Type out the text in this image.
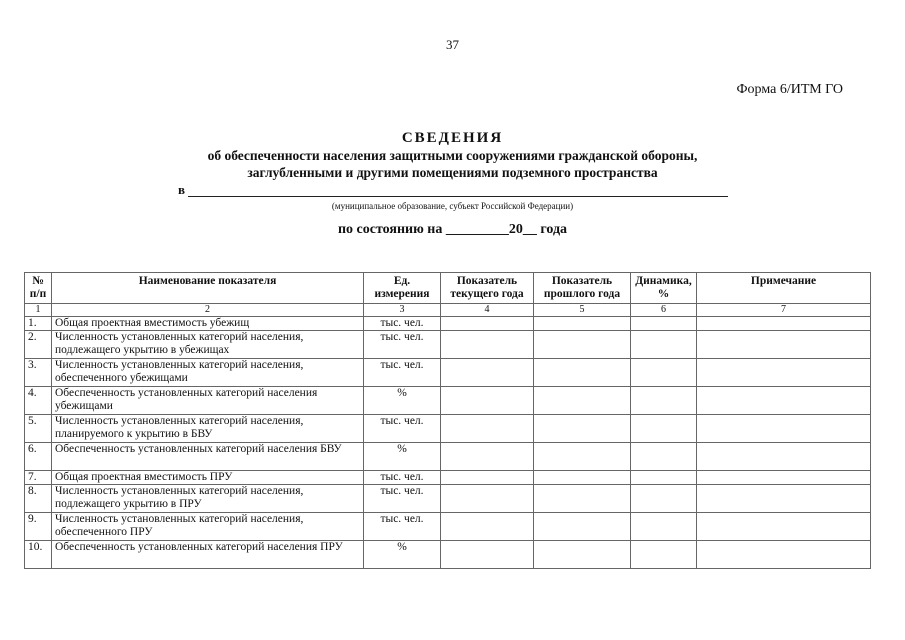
37
Форма 6/ИТМ ГО
СВЕДЕНИЯ
об обеспеченности населения защитными сооружениями гражданской обороны,
заглубленными и другими помещениями подземного пространства
в
(муниципальное образование, субъект Российской Федерации)
по состоянию на _________20__ года
№ п/п	Наименование показателя	Ед. измерения	Показатель текущего года	Показатель прошлого года	Динамика, %	Примечание
1	2	3	4	5	6	7
1.	Общая проектная вместимость убежищ	тыс. чел.				
2.	Численность установленных категорий населения, подлежащего укрытию в убежищах	тыс. чел.				
3.	Численность установленных категорий населения, обеспеченного убежищами	тыс. чел.				
4.	Обеспеченность установленных категорий населения убежищами	%				
5.	Численность установленных категорий населения, планируемого к укрытию в БВУ	тыс. чел.				
6.	Обеспеченность установленных категорий населения БВУ	%				
7.	Общая проектная вместимость ПРУ	тыс. чел.				
8.	Численность установленных категорий населения, подлежащего укрытию в ПРУ	тыс. чел.				
9.	Численность установленных категорий населения, обеспеченного ПРУ	тыс. чел.				
10.	Обеспеченность установленных категорий населения ПРУ	%				
